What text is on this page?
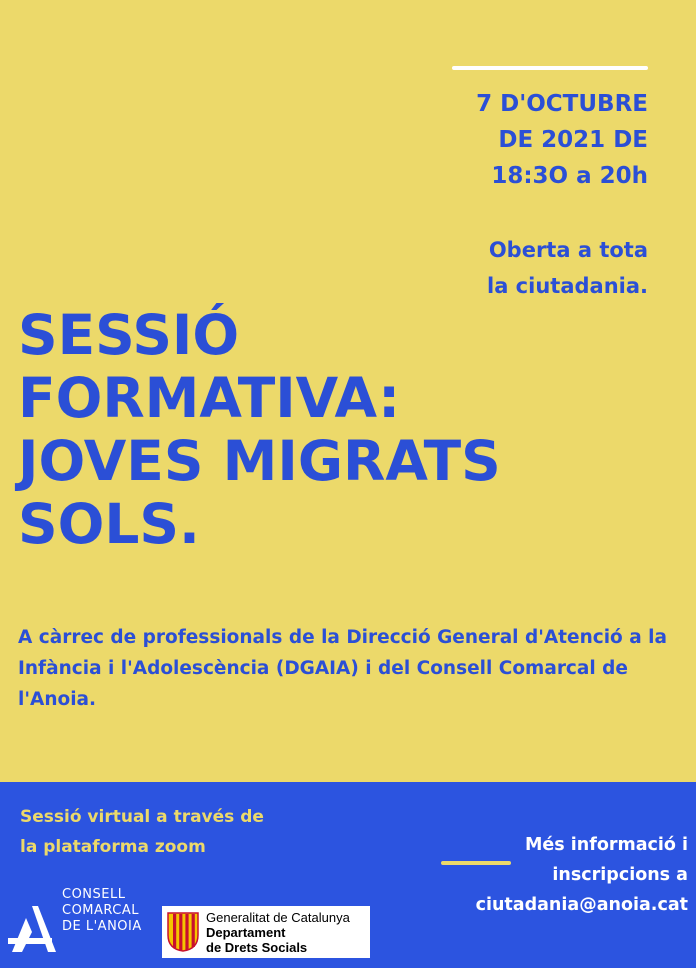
7 D'OCTUBRE
DE 2021 DE
18:3O a 20h
Oberta a tota
la ciutadania.
SESSIÓ
FORMATIVA:
JOVES MIGRATS
SOLS.
A càrrec de professionals de la Direcció General d'Atenció a la Infància i l'Adolescència (DGAIA) i del Consell Comarcal de l'Anoia.
Sessió virtual a través de
la plataforma zoom	Més informació i
inscripcions a
ciutadania@anoia.cat
CONSELL
COMARCAL
DE L'ANOIA
Generalitat de Catalunya
Departament
de Drets Socials
